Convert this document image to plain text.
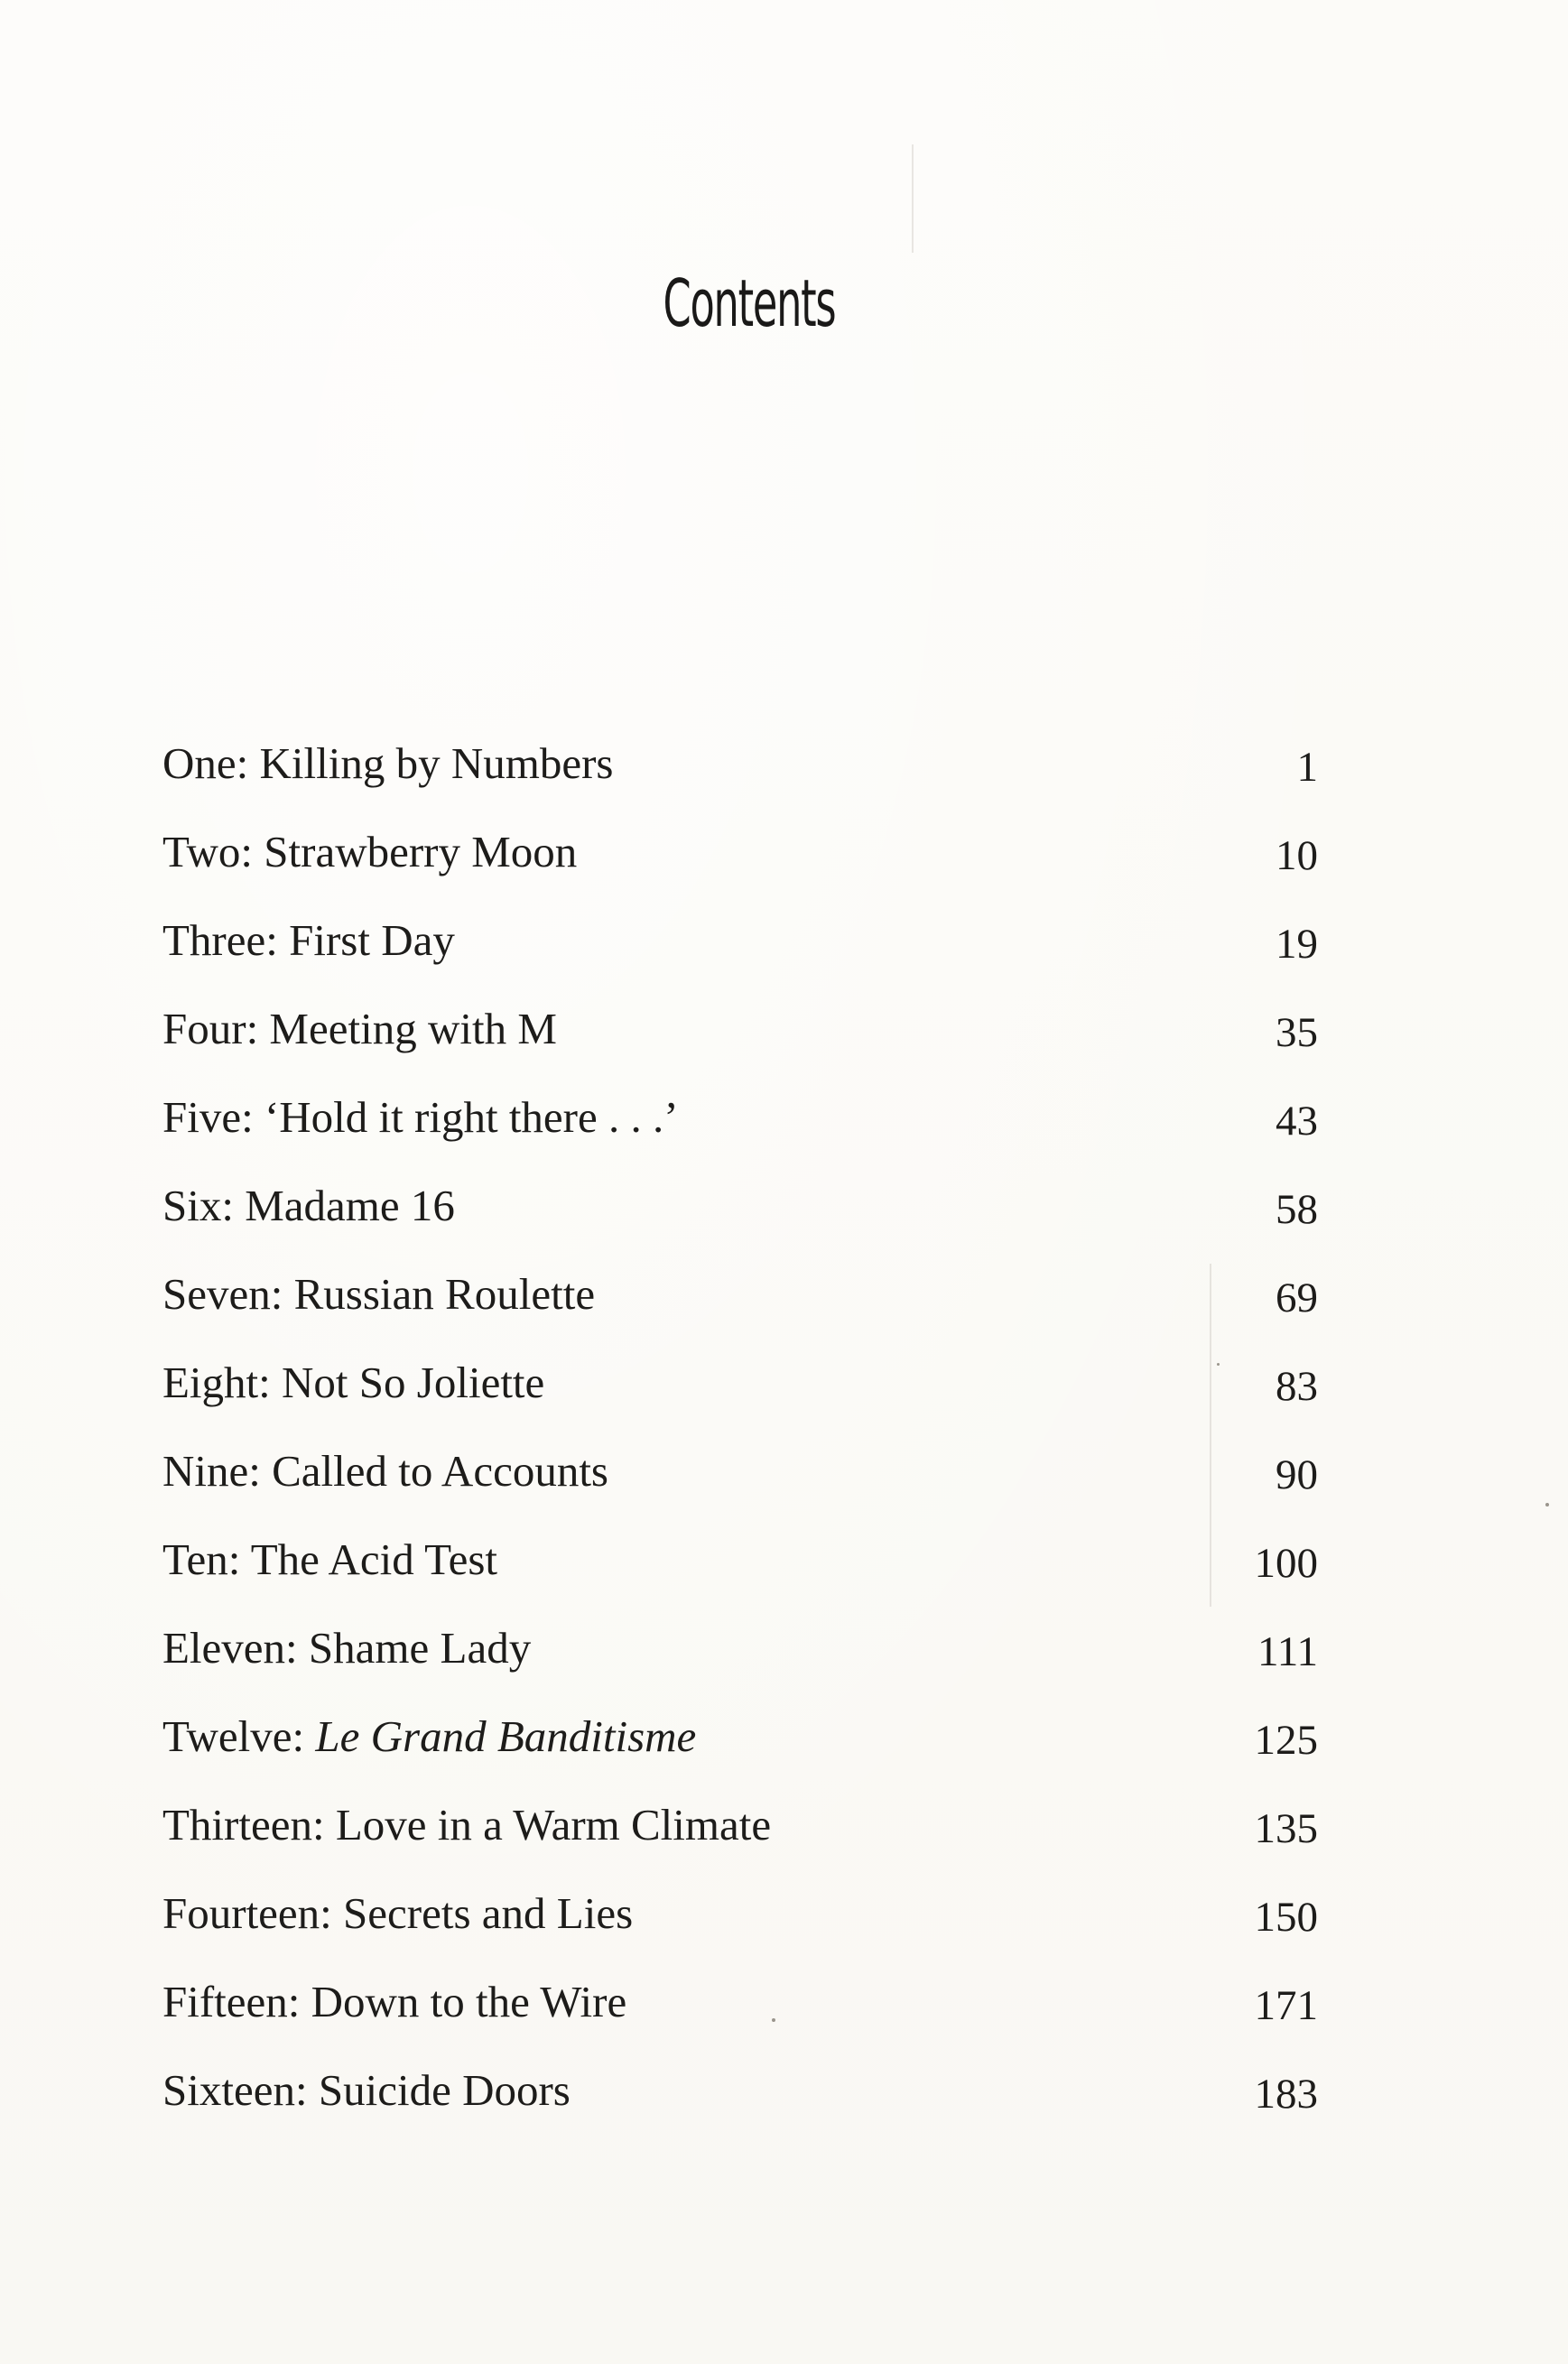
Contents
One: Killing by Numbers	1
Two: Strawberry Moon	10
Three: First Day	19
Four: Meeting with M	35
Five: ‘Hold it right there . . .’	43
Six: Madame 16	58
Seven: Russian Roulette	69
Eight: Not So Joliette	83
Nine: Called to Accounts	90
Ten: The Acid Test	100
Eleven: Shame Lady	111
Twelve: Le Grand Banditisme	125
Thirteen: Love in a Warm Climate	135
Fourteen: Secrets and Lies	150
Fifteen: Down to the Wire	171
Sixteen: Suicide Doors	183
